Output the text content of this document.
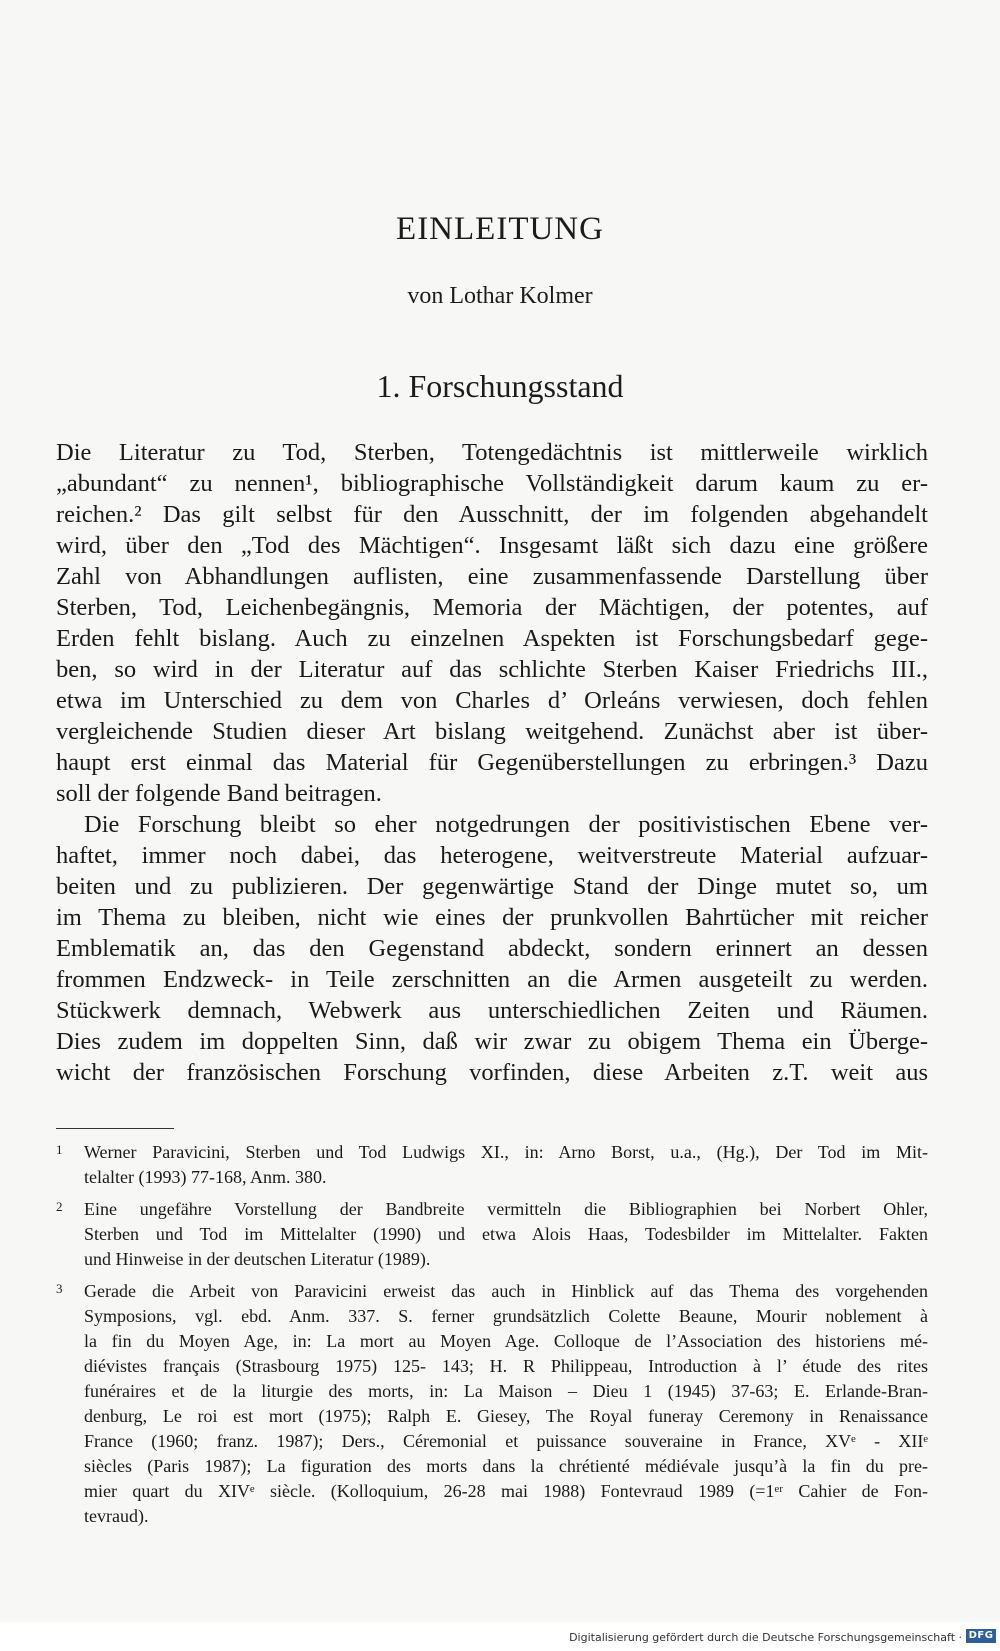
EINLEITUNG
von Lothar Kolmer
1. Forschungsstand
Die Literatur zu Tod, Sterben, Totengedächtnis ist mittlerweile wirklich
„abundant“ zu nennen¹, bibliographische Vollständigkeit darum kaum zu er-
reichen.² Das gilt selbst für den Ausschnitt, der im folgenden abgehandelt
wird, über den „Tod des Mächtigen“. Insgesamt läßt sich dazu eine größere
Zahl von Abhandlungen auflisten, eine zusammenfassende Darstellung über
Sterben, Tod, Leichenbegängnis, Memoria der Mächtigen, der potentes, auf
Erden fehlt bislang. Auch zu einzelnen Aspekten ist Forschungsbedarf gege-
ben, so wird in der Literatur auf das schlichte Sterben Kaiser Friedrichs III.,
etwa im Unterschied zu dem von Charles d’ Orleáns verwiesen, doch fehlen
vergleichende Studien dieser Art bislang weitgehend. Zunächst aber ist über-
haupt erst einmal das Material für Gegenüberstellungen zu erbringen.³ Dazu
soll der folgende Band beitragen.
Die Forschung bleibt so eher notgedrungen der positivistischen Ebene ver-
haftet, immer noch dabei, das heterogene, weitverstreute Material aufzuar-
beiten und zu publizieren. Der gegenwärtige Stand der Dinge mutet so, um
im Thema zu bleiben, nicht wie eines der prunkvollen Bahrtücher mit reicher
Emblematik an, das den Gegenstand abdeckt, sondern erinnert an dessen
frommen Endzweck- in Teile zerschnitten an die Armen ausgeteilt zu werden.
Stückwerk demnach, Webwerk aus unterschiedlichen Zeiten und Räumen.
Dies zudem im doppelten Sinn, daß wir zwar zu obigem Thema ein Überge-
wicht der französischen Forschung vorfinden, diese Arbeiten z.T. weit aus
1 Werner Paravicini, Sterben und Tod Ludwigs XI., in: Arno Borst, u.a., (Hg.), Der Tod im Mit-
telalter (1993) 77-168, Anm. 380.
2 Eine ungefähre Vorstellung der Bandbreite vermitteln die Bibliographien bei Norbert Ohler,
Sterben und Tod im Mittelalter (1990) und etwa Alois Haas, Todesbilder im Mittelalter. Fakten
und Hinweise in der deutschen Literatur (1989).
3 Gerade die Arbeit von Paravicini erweist das auch in Hinblick auf das Thema des vorgehenden
Symposions, vgl. ebd. Anm. 337. S. ferner grundsätzlich Colette Beaune, Mourir noblement à
la fin du Moyen Age, in: La mort au Moyen Age. Colloque de l’Association des historiens mé-
diévistes français (Strasbourg 1975) 125- 143; H. R Philippeau, Introduction à l’ étude des rites
funéraires et de la liturgie des morts, in: La Maison – Dieu 1 (1945) 37-63; E. Erlande-Bran-
denburg, Le roi est mort (1975); Ralph E. Giesey, The Royal funeray Ceremony in Renaissance
France (1960; franz. 1987); Ders., Céremonial et puissance souveraine in France, XVᵉ - XIIᵉ
siècles (Paris 1987); La figuration des morts dans la chrétienté médiévale jusqu’à la fin du pre-
mier quart du XIVᵉ siècle. (Kolloquium, 26-28 mai 1988) Fontevraud 1989 (=1ᵉʳ Cahier de Fon-
tevraud).
Digitalisierung gefördert durch die Deutsche Forschungsgemeinschaft · DFG
